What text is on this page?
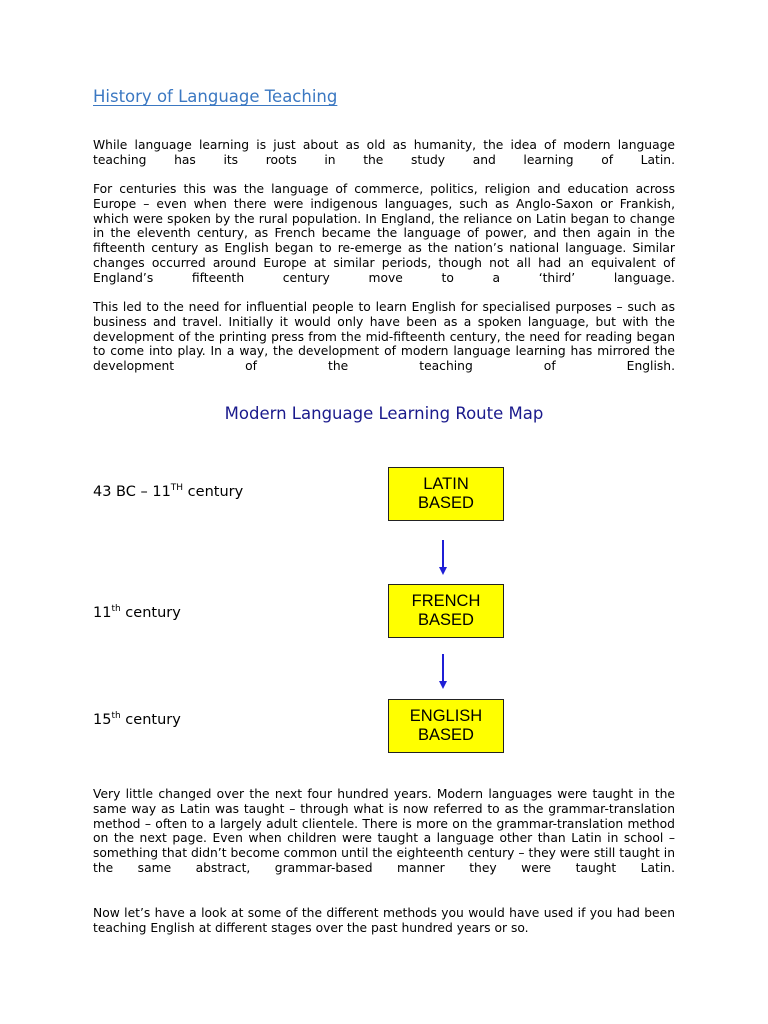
History of Language Teaching

While language learning is just about as old as humanity, the idea of modern language teaching has its roots in the study and learning of Latin.

For centuries this was the language of commerce, politics, religion and education across Europe – even when there were indigenous languages, such as Anglo-Saxon or Frankish, which were spoken by the rural population. In England, the reliance on Latin began to change in the eleventh century, as French became the language of power, and then again in the fifteenth century as English began to re-emerge as the nation’s national language. Similar changes occurred around Europe at similar periods, though not all had an equivalent of England’s fifteenth century move to a ‘third’ language.

This led to the need for influential people to learn English for specialised purposes – such as business and travel. Initially it would only have been as a spoken language, but with the development of the printing press from the mid-fifteenth century, the need for reading began to come into play. In a way, the development of modern language learning has mirrored the development of the teaching of English.

Modern Language Learning Route Map
43 BC – 11TH century	LATIN
BASED
11th century
FRENCH
BASED
15th century	ENGLISH
BASED

Very little changed over the next four hundred years. Modern languages were taught in the same way as Latin was taught – through what is now referred to as the grammar-translation method – often to a largely adult clientele. There is more on the grammar-translation method on the next page. Even when children were taught a language other than Latin in school – something that didn’t become common until the eighteenth century – they were still taught in the same abstract, grammar-based manner they were taught Latin.

Now let’s have a look at some of the different methods you would have used if you had been teaching English at different stages over the past hundred years or so.
